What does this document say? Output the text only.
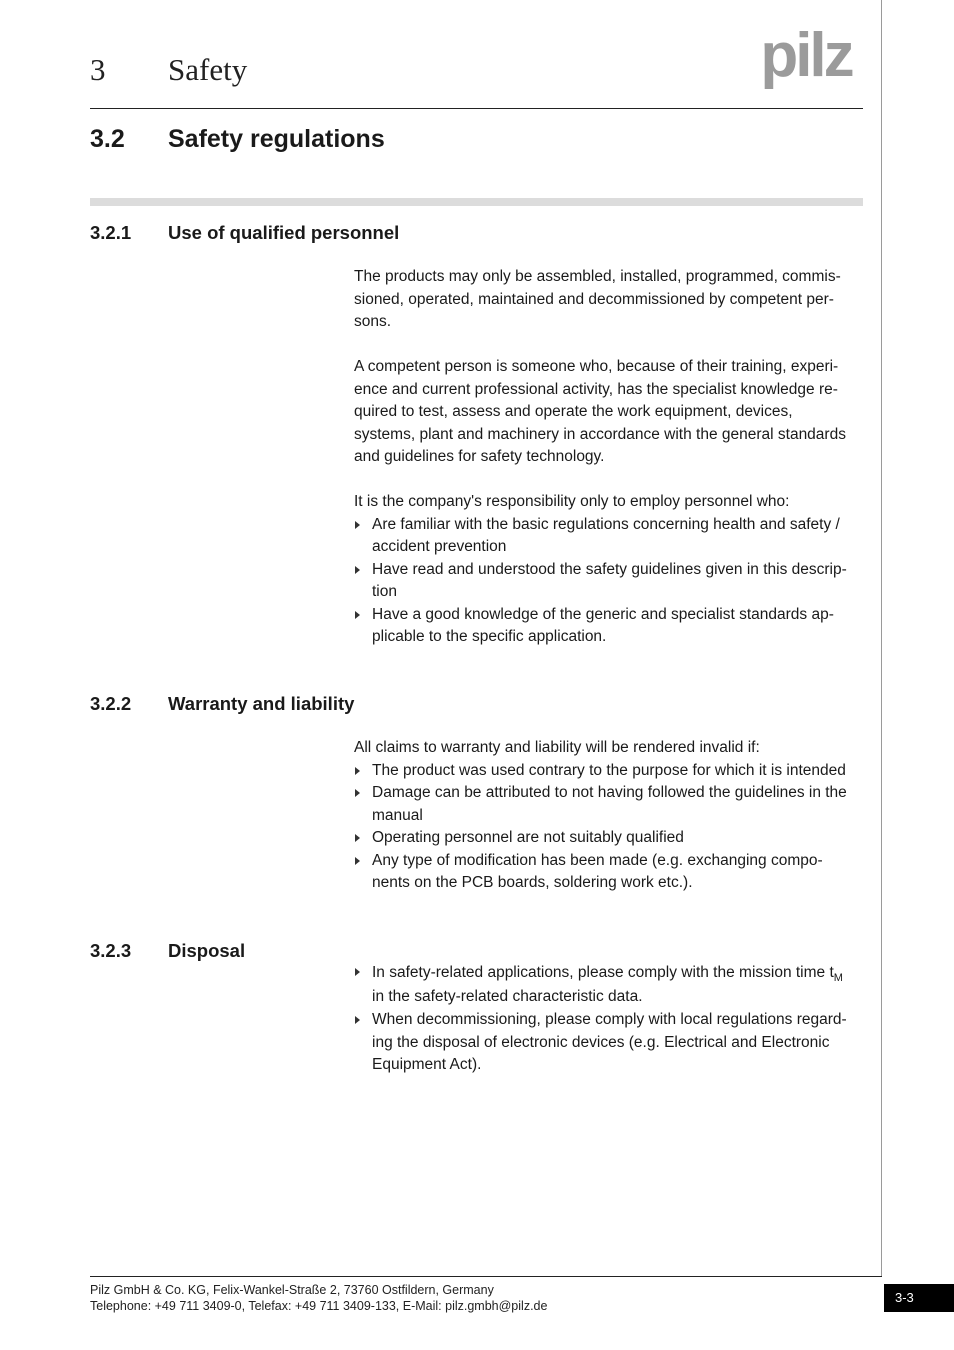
3 Safety	pilz
3.2 Safety regulations
3.2.1 Use of qualified personnel

The products may only be assembled, installed, programmed, commis-
sioned, operated, maintained and decommissioned by competent per-
sons.

A competent person is someone who, because of their training, experi-
ence and current professional activity, has the specialist knowledge re-
quired to test, assess and operate the work equipment, devices,
systems, plant and machinery in accordance with the general standards
and guidelines for safety technology.

It is the company's responsibility only to employ personnel who:

Are familiar with the basic regulations concerning health and safety /
accident prevention

Have read and understood the safety guidelines given in this descrip-
tion

Have a good knowledge of the generic and specialist standards ap-
plicable to the specific application.

3.2.2 Warranty and liability

All claims to warranty and liability will be rendered invalid if:

The product was used contrary to the purpose for which it is intended

Damage can be attributed to not having followed the guidelines in the
manual

Operating personnel are not suitably qualified

Any type of modification has been made (e.g. exchanging compo-
nents on the PCB boards, soldering work etc.).

3.2.3 Disposal

In safety-related applications, please comply with the mission time $t_M$
in the safety-related characteristic data.

When decommissioning, please comply with local regulations regard-
ing the disposal of electronic devices (e.g. Electrical and Electronic
Equipment Act).

Pilz GmbH & Co. KG, Felix-Wankel-Straße 2, 73760 Ostfildern, Germany
Telephone: +49 711 3409-0, Telefax: +49 711 3409-133, E-Mail: pilz.gmbh@pilz.de
3-3
